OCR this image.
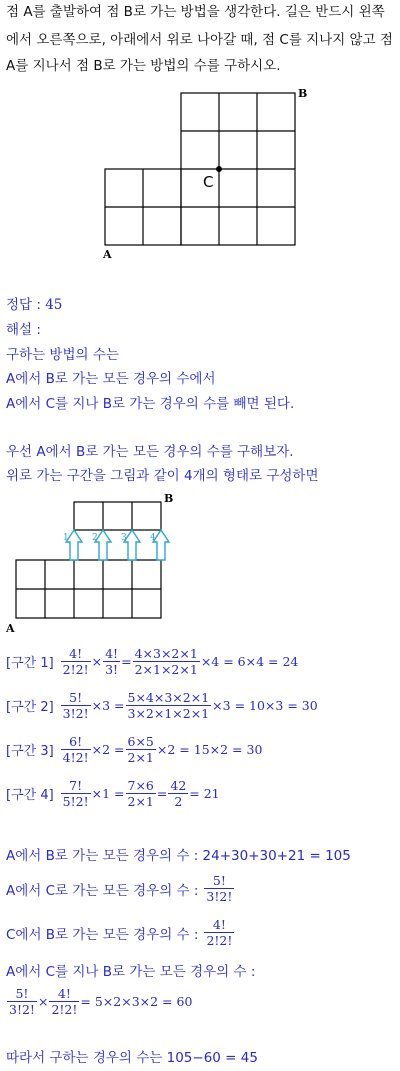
점 A를 출발하여 점 B로 가는 방법을 생각한다. 길은 반드시 왼쪽
에서 오른쪽으로, 아래에서 위로 나아갈 때, 점 C를 지나지 않고 점
A를 지나서 점 B로 가는 방법의 수를 구하시오.
A
B
C
정답 : 45
해설 :
구하는 방법의 수는
A에서 B로 가는 모든 경우의 수에서
A에서 C를 지나 B로 가는 경우의 수를 빼면 된다.
우선 A에서 B로 가는 모든 경우의 수를 구해보자.
위로 가는 구간을 그림과 같이 4개의 형태로 구성하면
1	2	3	4
A
B
[구간 $1] \frac{4!}{2!2!} \times \frac{4!}{3!} = \frac{4\times 3\times 2\times 1}{2\times 1\times 2\times 1} \times 4 = 6\times 4 = 24$
[구간 $2] \frac{5!}{3!2!} \times 3 = \frac{5\times 4\times 3\times 2\times 1}{3\times 2\times 1\times 2\times 1} \times 3 = 10\times 3 = 30$
[구간 $3] \frac{6!}{4!2!} \times 2 = \frac{6\times 5}{2\times 1} \times 2 = 15\times 2 = 30$
[구간 $4] \frac{7!}{5!2!} \times 1 = \frac{7\times 6}{2\times 1} = \frac{42}{2} = 21$
A에서 B로 가는 모든 경우의 수 : 24+30+30+21 = 105
A에서 C로 가는 모든 경우의 수 : $\frac{5!}{3!2!}$
C에서 B로 가는 모든 경우의 수 : $\frac{4!}{2!2!}$
A에서 C를 지나 B로 가는 모든 경우의 수 :
$\frac{5!}{3!2!} \times \frac{4!}{2!2!} = 5\times 2\times 3\times 2 = 60$
따라서 구하는 경우의 수는 105−60 = 45
